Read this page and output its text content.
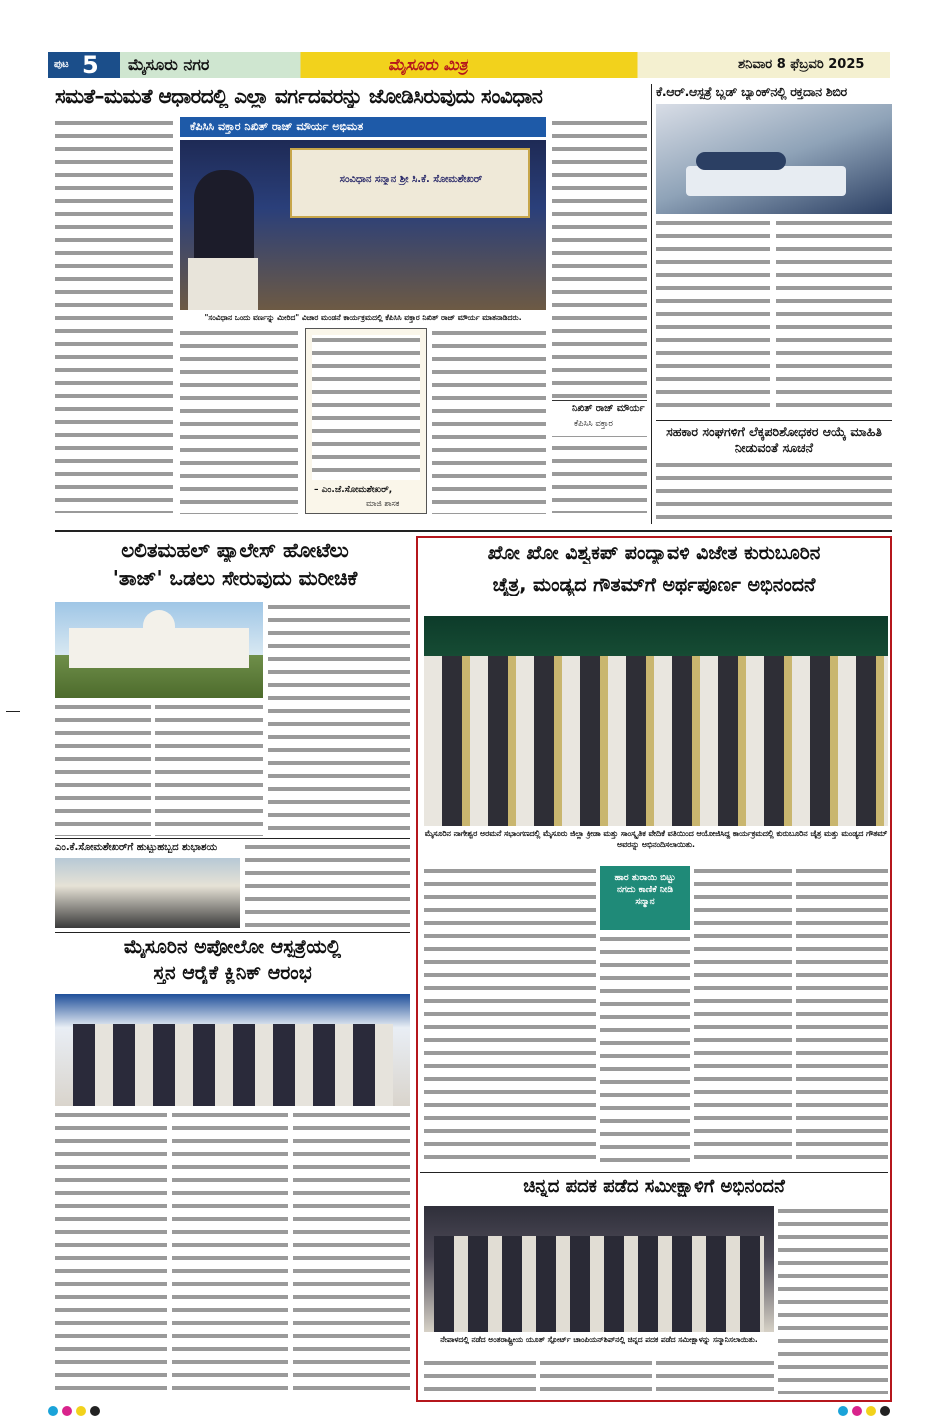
ಪುಟ 5 ಮೈಸೂರು ನಗರ	ಮೈಸೂರು ಮಿತ್ರ	ಶನಿವಾರ 8 ಫೆಬ್ರವರಿ 2025
ಸಮತೆ–ಮಮತೆ ಆಧಾರದಲ್ಲಿ ಎಲ್ಲಾ ವರ್ಗದವರನ್ನು ಜೋಡಿಸಿರುವುದು ಸಂವಿಧಾನ
ಕೆಪಿಸಿಸಿ ವಕ್ತಾರ ನಿಖಿತ್ ರಾಜ್ ಮೌರ್ಯ ಅಭಿಮತ
ಸಂವಿಧಾನ ಸನ್ಮಾನ ಶ್ರೀ ಸಿ.ಕೆ. ಸೋಮಶೇಖರ್
"ಸಂವಿಧಾನ ಒಂದು ವರ್ಣನ್ನು ಮೀರಿದ" ವಿಚಾರ ಮಂಡನೆ ಕಾರ್ಯಕ್ರಮದಲ್ಲಿ ಕೆಪಿಸಿಸಿ ವಕ್ತಾರ ನಿಖಿತ್ ರಾಜ್ ಮೌರ್ಯ ಮಾತನಾಡಿದರು.
– ಎಂ.ಜೆ.ಸೋಮಶೇಖರ್,
ಮಾಜಿ ಶಾಸಕ
ನಿಖಿತ್ ರಾಜ್ ಮೌರ್ಯ
ಕೆಪಿಸಿಸಿ ವಕ್ತಾರ
ಕೆ.ಆರ್.ಆಸ್ಪತ್ರೆ ಬ್ಲಡ್ ಬ್ಯಾಂಕ್‌ನಲ್ಲಿ ರಕ್ತದಾನ ಶಿಬಿರ
ಸಹಕಾರ ಸಂಘಗಳಿಗೆ ಲೆಕ್ಕಪರಿಶೋಧಕರ ಆಯ್ಕೆ ಮಾಹಿತಿ ನೀಡುವಂತೆ ಸೂಚನೆ
ಲಲಿತಮಹಲ್ ಪ್ಯಾಲೇಸ್ ಹೋಟೆಲು
'ತಾಜ್' ಒಡಲು ಸೇರುವುದು ಮರೀಚಿಕೆ
ಎಂ.ಕೆ.ಸೋಮಶೇಖರ್‌ಗೆ ಹುಟ್ಟುಹಬ್ಬದ ಶುಭಾಶಯ
ಮೈಸೂರಿನ ಅಪೋಲೋ ಆಸ್ಪತ್ರೆಯಲ್ಲಿ
ಸ್ತನ ಆರೈಕೆ ಕ್ಲಿನಿಕ್ ಆರಂಭ
ಖೋ ಖೋ ವಿಶ್ವಕಪ್ ಪಂದ್ಯಾವಳಿ ವಿಜೇತ ಕುರುಬೂರಿನ
ಚೈತ್ರ, ಮಂಡ್ಯದ ಗೌತಮ್‌ಗೆ ಅರ್ಥಪೂರ್ಣ ಅಭಿನಂದನೆ
ಮೈಸೂರಿನ ನಾಗೇಶ್ವರ ಅರಮನೆ ಸಭಾಂಗಣದಲ್ಲಿ ಮೈಸೂರು ಜಿಲ್ಲಾ ಕ್ರೀಡಾ ಮತ್ತು ಸಾಂಸ್ಕೃತಿಕ ವೇದಿಕೆ ವತಿಯಿಂದ ಆಯೋಜಿಸಿದ್ದ ಕಾರ್ಯಕ್ರಮದಲ್ಲಿ ಕುರುಬೂರಿನ ಚೈತ್ರ ಮತ್ತು ಮಂಡ್ಯದ ಗೌತಮ್ ಅವರನ್ನು ಅಭಿನಂದಿಸಲಾಯಿತು.
ಹಾರ ತುರಾಯಿ ಬಿಟ್ಟು ನಗದು ಕಾಣಿಕೆ ನೀಡಿ ಸನ್ಮಾನ
ಚಿನ್ನದ ಪದಕ ಪಡೆದ ಸಮೀಕ್ಷಾಳಿಗೆ ಅಭಿನಂದನೆ
ನೇಪಾಳದಲ್ಲಿ ನಡೆದ ಅಂತರಾಷ್ಟ್ರೀಯ ಯೂತ್ ಸ್ಪೋರ್ಟ್ ಚಾಂಪಿಯನ್‌ಶಿಪ್‌ನಲ್ಲಿ ಚಿನ್ನದ ಪದಕ ಪಡೆದ ಸಮೀಕ್ಷಾಳನ್ನು ಸನ್ಮಾನಿಸಲಾಯಿತು.
